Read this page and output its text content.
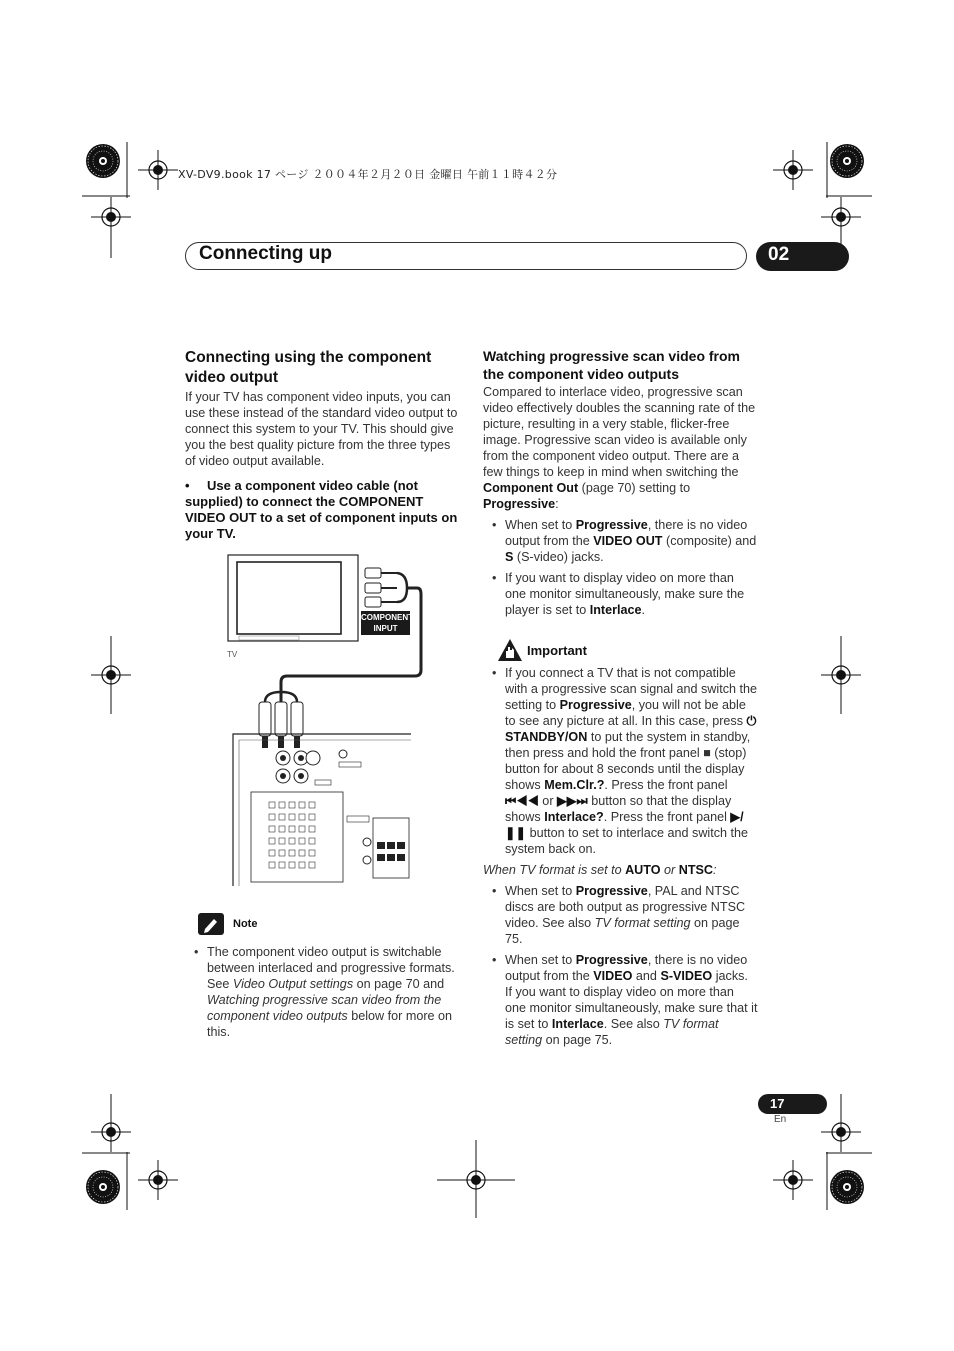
XV-DV9.book 17 ページ ２００４年２月２０日 金曜日 午前１１時４２分
Connecting up	02
Connecting using the component video output

If your TV has component video inputs, you can use these instead of the standard video output to connect this system to your TV. This should give you the best quality picture from the three types of video output available.

•	Use a component video cable (not supplied) to connect the COMPONENT VIDEO OUT to a set of component inputs on your TV.
TV
COMPONENT
INPUT
Note
• The component video output is switchable between interlaced and progressive formats. See Video Output settings on page 70 and Watching progressive scan video from the component video outputs below for more on this.
Watching progressive scan video from the component video outputs

Compared to interlace video, progressive scan video effectively doubles the scanning rate of the picture, resulting in a very stable, flicker-free image. Progressive scan video is available only from the component video output. There are a few things to keep in mind when switching the Component Out (page 70) setting to Progressive:

• When set to Progressive, there is no video output from the VIDEO OUT (composite) and S (S-video) jacks.
• If you want to display video on more than one monitor simultaneously, make sure the player is set to Interlace.
Important
• If you connect a TV that is not compatible with a progressive scan signal and switch the setting to Progressive, you will not be able to see any picture at all. In this case, press ⏻ STANDBY/ON to put the system in standby, then press and hold the front panel ■ (stop) button for about 8 seconds until the display shows Mem.Clr.?. Press the front panel ⏮◀◀ or ▶▶⏭ button so that the display shows Interlace?. Press the front panel ▶/❚❚ button to set to interlace and switch the system back on.
When TV format is set to AUTO or NTSC:
• When set to Progressive, PAL and NTSC discs are both output as progressive NTSC video. See also TV format setting on page 75.
• When set to Progressive, there is no video output from the VIDEO and S-VIDEO jacks. If you want to display video on more than one monitor simultaneously, make sure that it is set to Interlace. See also TV format setting on page 75.
17
En
